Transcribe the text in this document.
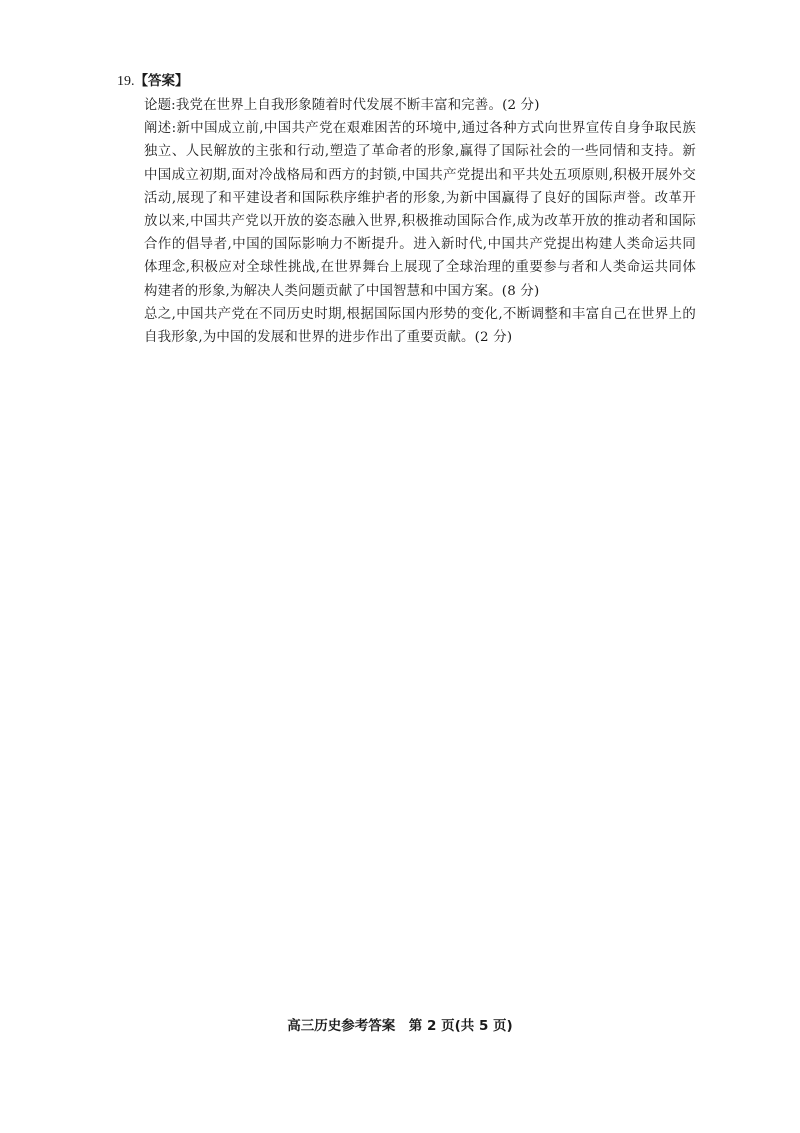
19.【答案】

论题:我党在世界上自我形象随着时代发展不断丰富和完善。(2 分)

阐述:新中国成立前,中国共产党在艰难困苦的环境中,通过各种方式向世界宣传自身争取民族独立、人民解放的主张和行动,塑造了革命者的形象,赢得了国际社会的一些同情和支持。新中国成立初期,面对冷战格局和西方的封锁,中国共产党提出和平共处五项原则,积极开展外交活动,展现了和平建设者和国际秩序维护者的形象,为新中国赢得了良好的国际声誉。改革开放以来,中国共产党以开放的姿态融入世界,积极推动国际合作,成为改革开放的推动者和国际合作的倡导者,中国的国际影响力不断提升。进入新时代,中国共产党提出构建人类命运共同体理念,积极应对全球性挑战,在世界舞台上展现了全球治理的重要参与者和人类命运共同体构建者的形象,为解决人类问题贡献了中国智慧和中国方案。(8 分)

总之,中国共产党在不同历史时期,根据国际国内形势的变化,不断调整和丰富自己在世界上的自我形象,为中国的发展和世界的进步作出了重要贡献。(2 分)

高三历史参考答案　第 2 页(共 5 页)
